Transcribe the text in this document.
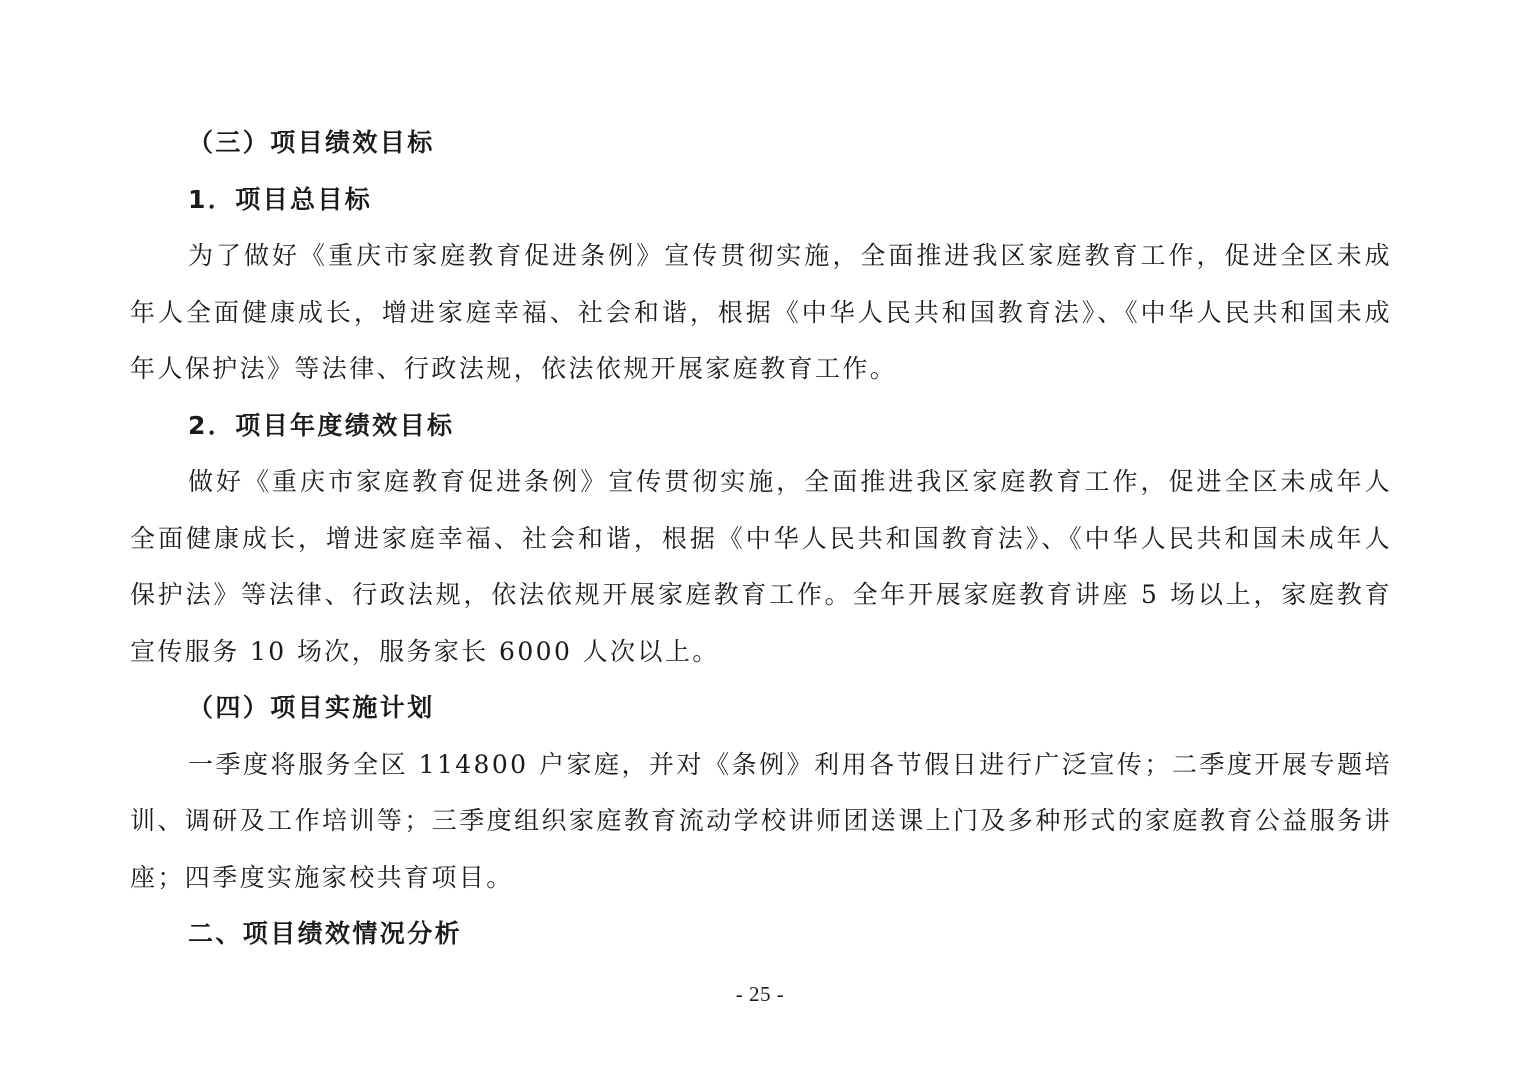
（三）项目绩效目标

1．项目总目标

为了做好《重庆市家庭教育促进条例》宣传贯彻实施，全面推进我区家庭教育工作，促进全区未成年人全面健康成长，增进家庭幸福、社会和谐，根据《中华人民共和国教育法》、《中华人民共和国未成年人保护法》等法律、行政法规，依法依规开展家庭教育工作。

2．项目年度绩效目标

做好《重庆市家庭教育促进条例》宣传贯彻实施，全面推进我区家庭教育工作，促进全区未成年人全面健康成长，增进家庭幸福、社会和谐，根据《中华人民共和国教育法》、《中华人民共和国未成年人保护法》等法律、行政法规，依法依规开展家庭教育工作。全年开展家庭教育讲座 5 场以上，家庭教育宣传服务 10 场次，服务家长 6000 人次以上。

（四）项目实施计划

一季度将服务全区 114800 户家庭，并对《条例》利用各节假日进行广泛宣传；二季度开展专题培训、调研及工作培训等；三季度组织家庭教育流动学校讲师团送课上门及多种形式的家庭教育公益服务讲座；四季度实施家校共育项目。

二、项目绩效情况分析

- 25 -
